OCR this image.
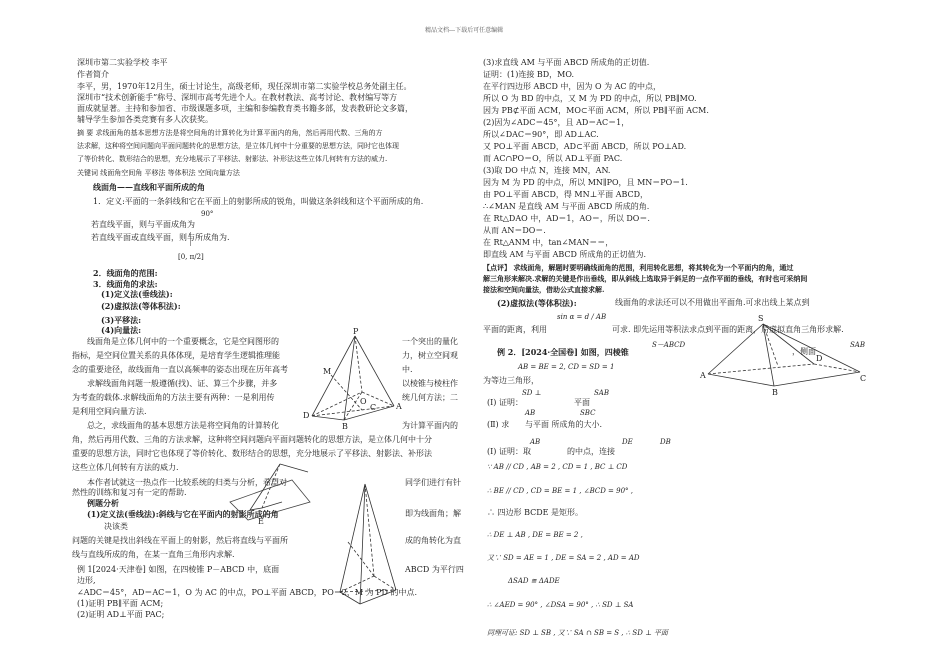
精品文档---下载后可任意编辑
深圳市第二实验学校 李平
作者简介
李平，男，1970年12月生，硕士讨论生，高级老师，现任深圳市第二实验学校总务处副主任。
深圳市“技术创新能手”称号、深圳市高考先进个人。在教材教法、高考讨论、教材编写等方
面成就显著。主持和参加省、市级课题多项，主编和参编教育类书籍多部，发表教研论文多篇，
辅导学生参加各类竞赛有多人次获奖。
摘 要 求线面角的基本思想方法是将空间角的计算转化为计算平面内的角，然后再用代数、三角的方
法求解，这种将空间问题向平面问题转化的思想方法，是立体几何中十分重要的思想方法，同时它也体现
了等价转化、数形结合的思想，充分地展示了平移法、射影法、补形法这些立体几何转有方法的威力.
关键词 线面角空间角 平移法 等体积法 空间向量方法
线面角——直线和平面所成的角
1．定义:平面的一条斜线和它在平面上的射影所成的锐角，叫做这条斜线和这个平面所成的角.
90°
若直线平面，则与平面成角为
若直线平面或直线平面，则与所成角为.
[0, π/2]
2．线面角的范围:
3．线面角的求法:
(1)定义法(垂线法):
(2)虚拟法(等体积法):
(3)平移法:
(4)向量法:
线面角是立体几何中的一个重要概念，它是空间图形的
指标，是空间位置关系的具体体现，是培育学生逻辑推理能
念的重要途径，故线面角一直以高频率的姿态出现在历年高考
求解线面角问题一般遵循(找)、证、算三个步骤，并多
为考查的载体.求解线面角的方法主要有两种：一是利用传
是利用空间向量方法.
一个突出的量化
力，树立空间观
中.
以棱锥与棱柱作
统几何方法；二
总之，求线面角的基本思想方法是将空间角的计算转化	为计算平面内的
角，然后再用代数、三角的方法求解，这种将空间问题向平面问题转化的思想方法，是立体几何中十分
重要的思想方法，同时它也体现了等价转化、数形结合的思想，充分地展示了平移法、射影法、补形法
这些立体几何转有方法的威力.
本作者试就这一热点作一比较系统的归类与分析，希望对	同学们进行有针
然性的训练和复习有一定的帮助.
例题分析
(1)定义法(垂线法):斜线与它在平面内的射影所成的角	即为线面角；解
决该类
问题的关键是找出斜线在平面上的射影，然后将直线与平面所	成的角转化为直
线与直线所成的角，在某一直角三角形内求解.
例 1[2024·天津卷] 如图，在四棱锥 P－ABCD 中，底面	ABCD 为平行四
边形,
∠ADC＝45°，AD＝AC＝1，O 为 AC 的中点，PO⊥平面 ABCD，PO＝2，M 为 PD 的中点.
(1)证明 PB∥平面 ACM;
(2)证明 AD⊥平面 PAC;
P
M
D
C
O
A
B
E
(3)求直线 AM 与平面 ABCD 所成角的正切值.
证明：(1)连接 BD，MO.
在平行四边形 ABCD 中，因为 O 为 AC 的中点，
所以 O 为 BD 的中点，又 M 为 PD 的中点，所以 PB∥MO.
因为 PB⊄平面 ACM，MO⊂平面 ACM，所以 PB∥平面 ACM.
(2)因为∠ADC＝45°，且 AD＝AC＝1，
所以∠DAC＝90°，即 AD⊥AC.
又 PO⊥平面 ABCD，AD⊂平面 ABCD，所以 PO⊥AD.
而 AC∩PO＝O，所以 AD⊥平面 PAC.
(3)取 DO 中点 N，连接 MN，AN.
因为 M 为 PD 的中点，所以 MN∥PO，且 MN＝PO＝1.
由 PO⊥平面 ABCD，得 MN⊥平面 ABCD，
∴∠MAN 是直线 AM 与平面 ABCD 所成的角.
在 Rt△DAO 中，AD＝1，AO＝，所以 DO＝.
从而 AN＝DO＝.
在 Rt△ANM 中，tan∠MAN＝＝，
即直线 AM 与平面 ABCD 所成角的正切值为.
【点评】 求线面角，解题时要明确线面角的范围，利用转化思想，将其转化为一个平面内的角，通过
解三角形来解决.求解的关键是作出垂线，即从斜线上选取异于斜足的一点作平面的垂线，有时也可采纳间
接法和空间向量法，借助公式直接求解.
(2)虚拟法(等体积法):	线面角的求法还可以不用做出平面角.可求出线上某点到
sin α = d / AB
平面的距离，利用	可求. 即先运用等积法求点到平面的距离，后虚拟直角三角形求解.
例 2．[2024·全国卷] 如图，四棱锥
S－ABCD
，侧面
SAB
AB = BE = 2, CD = SD = 1
为等边三角形，
(Ⅰ) 证明：
SD ⊥	SAB
平面
AB	SBC
(Ⅱ) 求 与平面 所成角的大小.
AB	DE	DB
(Ⅰ) 证明：取	的中点，连接
∵ AB // CD , AB = 2 , CD = 1 , BC ⊥ CD
∴ BE // CD , CD = BE = 1 , ∠BCD = 90° ,
∴ 四边形 BCDE 是矩形。
∴ DE ⊥ AB , DE = BE = 2 ,
又∵ SD = AE = 1 , DE = SA = 2 , AD = AD
ΔSAD ≅ ΔADE
∴ ∠AED = 90° , ∠DSA = 90° , ∴ SD ⊥ SA
同理可证: SD ⊥ SB , 又∵ SA ∩ SB = S , ∴ SD ⊥ 平面
S
A
B
C
D
